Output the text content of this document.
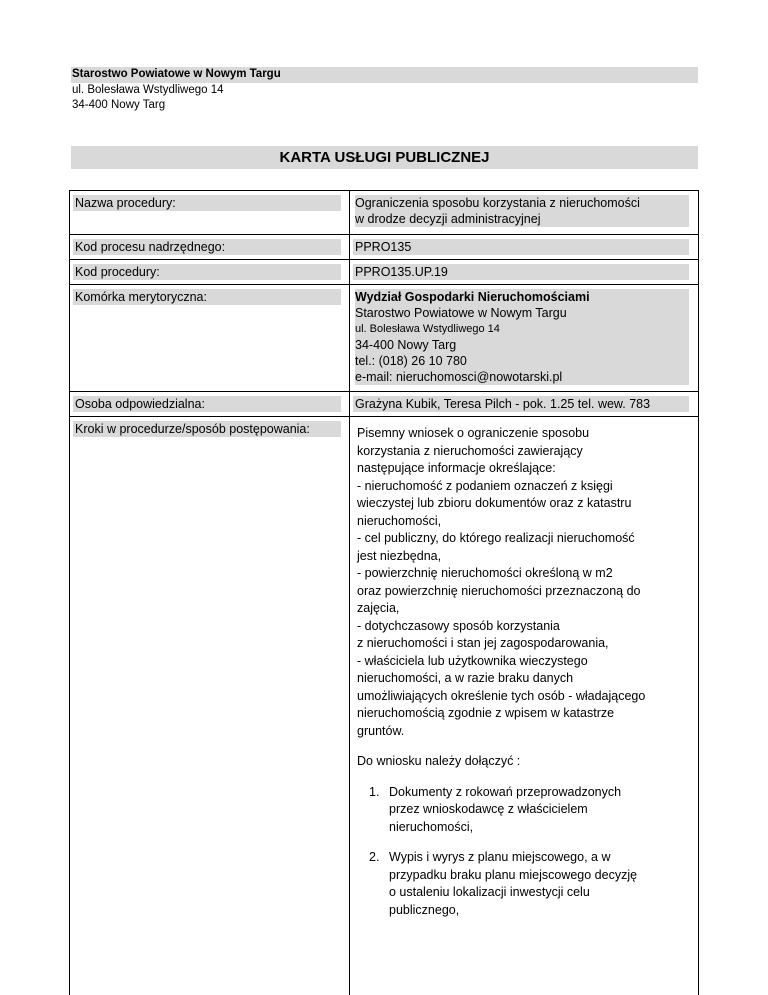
Starostwo Powiatowe w Nowym Targu
ul. Bolesława Wstydliwego 14
34-400 Nowy Targ
KARTA USŁUGI PUBLICZNEJ
Nazwa procedury:	Ograniczenia sposobu korzystania z nieruchomości
w drodze decyzji administracyjnej
Kod procesu nadrzędnego:	PPRO135
Kod procedury:	PPRO135.UP.19
Komórka merytoryczna:	Wydział Gospodarki Nieruchomościami
Starostwo Powiatowe w Nowym Targu
ul. Bolesława Wstydliwego 14
34-400 Nowy Targ
tel.: (018) 26 10 780
e-mail: nieruchomosci@nowotarski.pl
Osoba odpowiedzialna:	Grażyna Kubik, Teresa Pilch - pok. 1.25 tel. wew. 783
Kroki w procedurze/sposób postępowania:	Pisemny wniosek o ograniczenie sposobu
korzystania z nieruchomości zawierający
następujące informacje określające:
- nieruchomość z podaniem oznaczeń z księgi
wieczystej lub zbioru dokumentów oraz z katastru
nieruchomości,
- cel publiczny, do którego realizacji nieruchomość
jest niezbędna,
- powierzchnię nieruchomości określoną w m2
oraz powierzchnię nieruchomości przeznaczoną do
zajęcia,
- dotychczasowy sposób korzystania
z nieruchomości i stan jej zagospodarowania,
- właściciela lub użytkownika wieczystego
nieruchomości, a w razie braku danych
umożliwiających określenie tych osób - władającego
nieruchomością zgodnie z wpisem w katastrze
gruntów.

Do wniosku należy dołączyć :

1. Dokumenty z rokowań przeprowadzonych
przez wnioskodawcę z właścicielem
nieruchomości,
2. Wypis i wyrys z planu miejscowego, a w
przypadku braku planu miejscowego decyzję
o ustaleniu lokalizacji inwestycji celu
publicznego,
